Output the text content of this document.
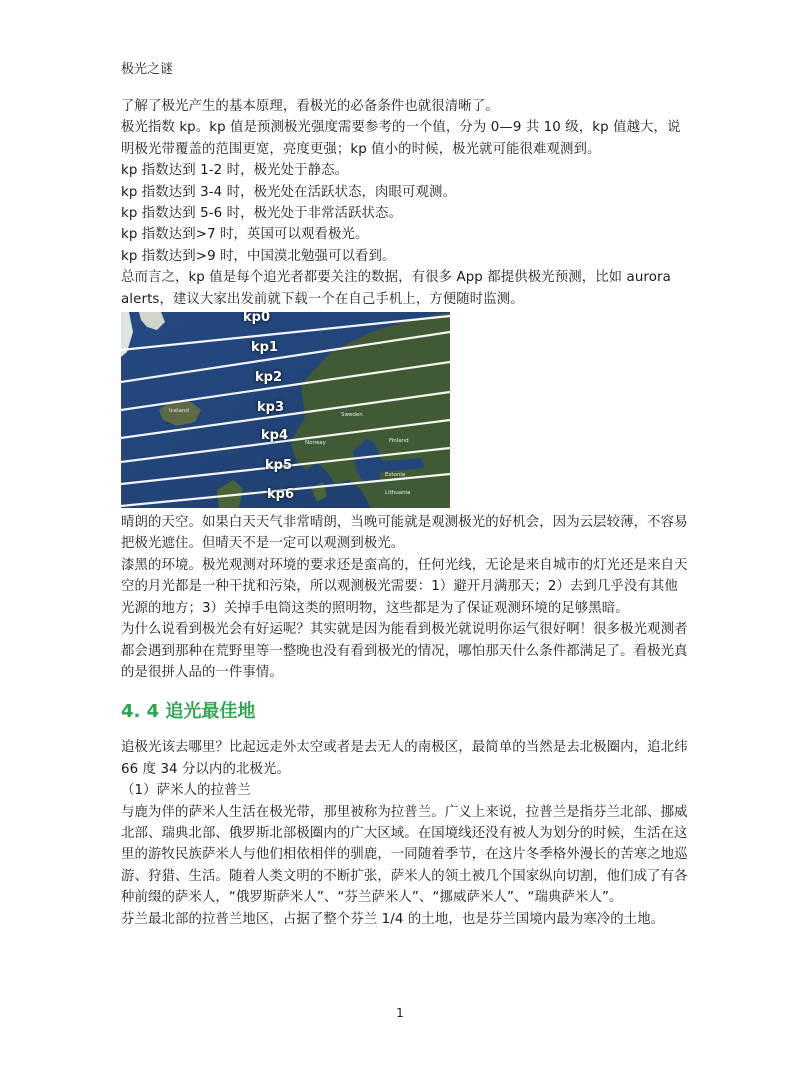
极光之谜

了解了极光产生的基本原理，看极光的必备条件也就很清晰了。

极光指数 kp。kp 值是预测极光强度需要参考的一个值，分为 0—9 共 10 级，kp 值越大，说明极光带覆盖的范围更宽，亮度更强；kp 值小的时候，极光就可能很难观测到。

kp 指数达到 1-2 时，极光处于静态。

kp 指数达到 3-4 时，极光处在活跃状态，肉眼可观测。

kp 指数达到 5-6 时，极光处于非常活跃状态。

kp 指数达到>7 时，英国可以观看极光。

kp 指数达到>9 时，中国漠北勉强可以看到。

总而言之，kp 值是每个追光者都要关注的数据，有很多 App 都提供极光预测，比如 aurora alerts，建议大家出发前就下载一个在自己手机上，方便随时监测。

kp0
kp1
kp2
kp3
kp4
kp5
kp6
Iceland
Sweden
Finland
Norway
Estonia
Lithuania

晴朗的天空。如果白天天气非常晴朗，当晚可能就是观测极光的好机会，因为云层较薄，不容易把极光遮住。但晴天不是一定可以观测到极光。

漆黑的环境。极光观测对环境的要求还是蛮高的，任何光线，无论是来自城市的灯光还是来自天空的月光都是一种干扰和污染，所以观测极光需要：1）避开月满那天；2）去到几乎没有其他光源的地方；3）关掉手电筒这类的照明物，这些都是为了保证观测环境的足够黑暗。

为什么说看到极光会有好运呢？其实就是因为能看到极光就说明你运气很好啊！很多极光观测者都会遇到那种在荒野里等一整晚也没有看到极光的情况，哪怕那天什么条件都满足了。看极光真的是很拼人品的一件事情。

4. 4 追光最佳地

追极光该去哪里？比起远走外太空或者是去无人的南极区，最简单的当然是去北极圈内，追北纬 66 度 34 分以内的北极光。

（1）萨米人的拉普兰

与鹿为伴的萨米人生活在极光带，那里被称为拉普兰。广义上来说，拉普兰是指芬兰北部、挪威北部、瑞典北部、俄罗斯北部极圈内的广大区域。在国境线还没有被人为划分的时候，生活在这里的游牧民族萨米人与他们相依相伴的驯鹿，一同随着季节，在这片冬季格外漫长的苦寒之地巡游、狩猎、生活。随着人类文明的不断扩张，萨米人的领土被几个国家纵向切割，他们成了有各种前缀的萨米人，“俄罗斯萨米人”、“芬兰萨米人”、“挪威萨米人”、“瑞典萨米人”。

芬兰最北部的拉普兰地区，占据了整个芬兰 1/4 的土地，也是芬兰国境内最为寒冷的土地。

1
